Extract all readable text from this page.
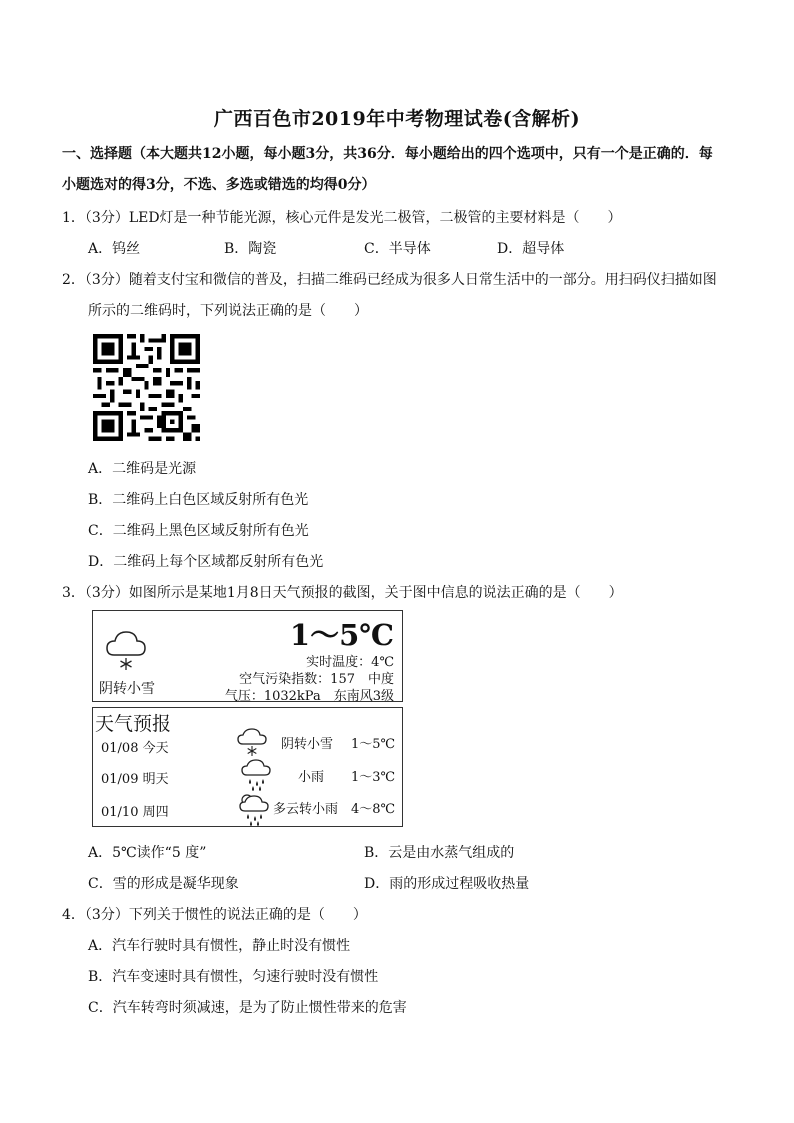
广西百色市2019年中考物理试卷(含解析)
一、选择题（本大题共12小题，每小题3分，共36分．每小题给出的四个选项中，只有一个是正确的．每
小题选对的得3分，不选、多选或错选的均得0分）
1．（3分）LED灯是一种节能光源，核心元件是发光二极管，二极管的主要材料是（　　）
A．钨丝	B．陶瓷	C．半导体	D．超导体
2．（3分）随着支付宝和微信的普及，扫描二维码已经成为很多人日常生活中的一部分。用扫码仪扫描如图
所示的二维码时，下列说法正确的是（　　）
A．二维码是光源
B．二维码上白色区域反射所有色光
C．二维码上黑色区域反射所有色光
D．二维码上每个区域都反射所有色光
3．（3分）如图所示是某地1月8日天气预报的截图，关于图中信息的说法正确的是（　　）
阴转小雪
1～5℃
实时温度：4℃
空气污染指数：157　中度
气压：1032kPa　东南风3级
天气预报
01/08 今天	阴转小雪 1～5℃
01/09 明天	小雨 1～3℃
01/10 周四	多云转小雨 4～8℃
A．5℃读作“5 度”	B．云是由水蒸气组成的
C．雪的形成是凝华现象	D．雨的形成过程吸收热量
4．（3分）下列关于惯性的说法正确的是（　　）
A．汽车行驶时具有惯性，静止时没有惯性
B．汽车变速时具有惯性，匀速行驶时没有惯性
C．汽车转弯时须减速，是为了防止惯性带来的危害
